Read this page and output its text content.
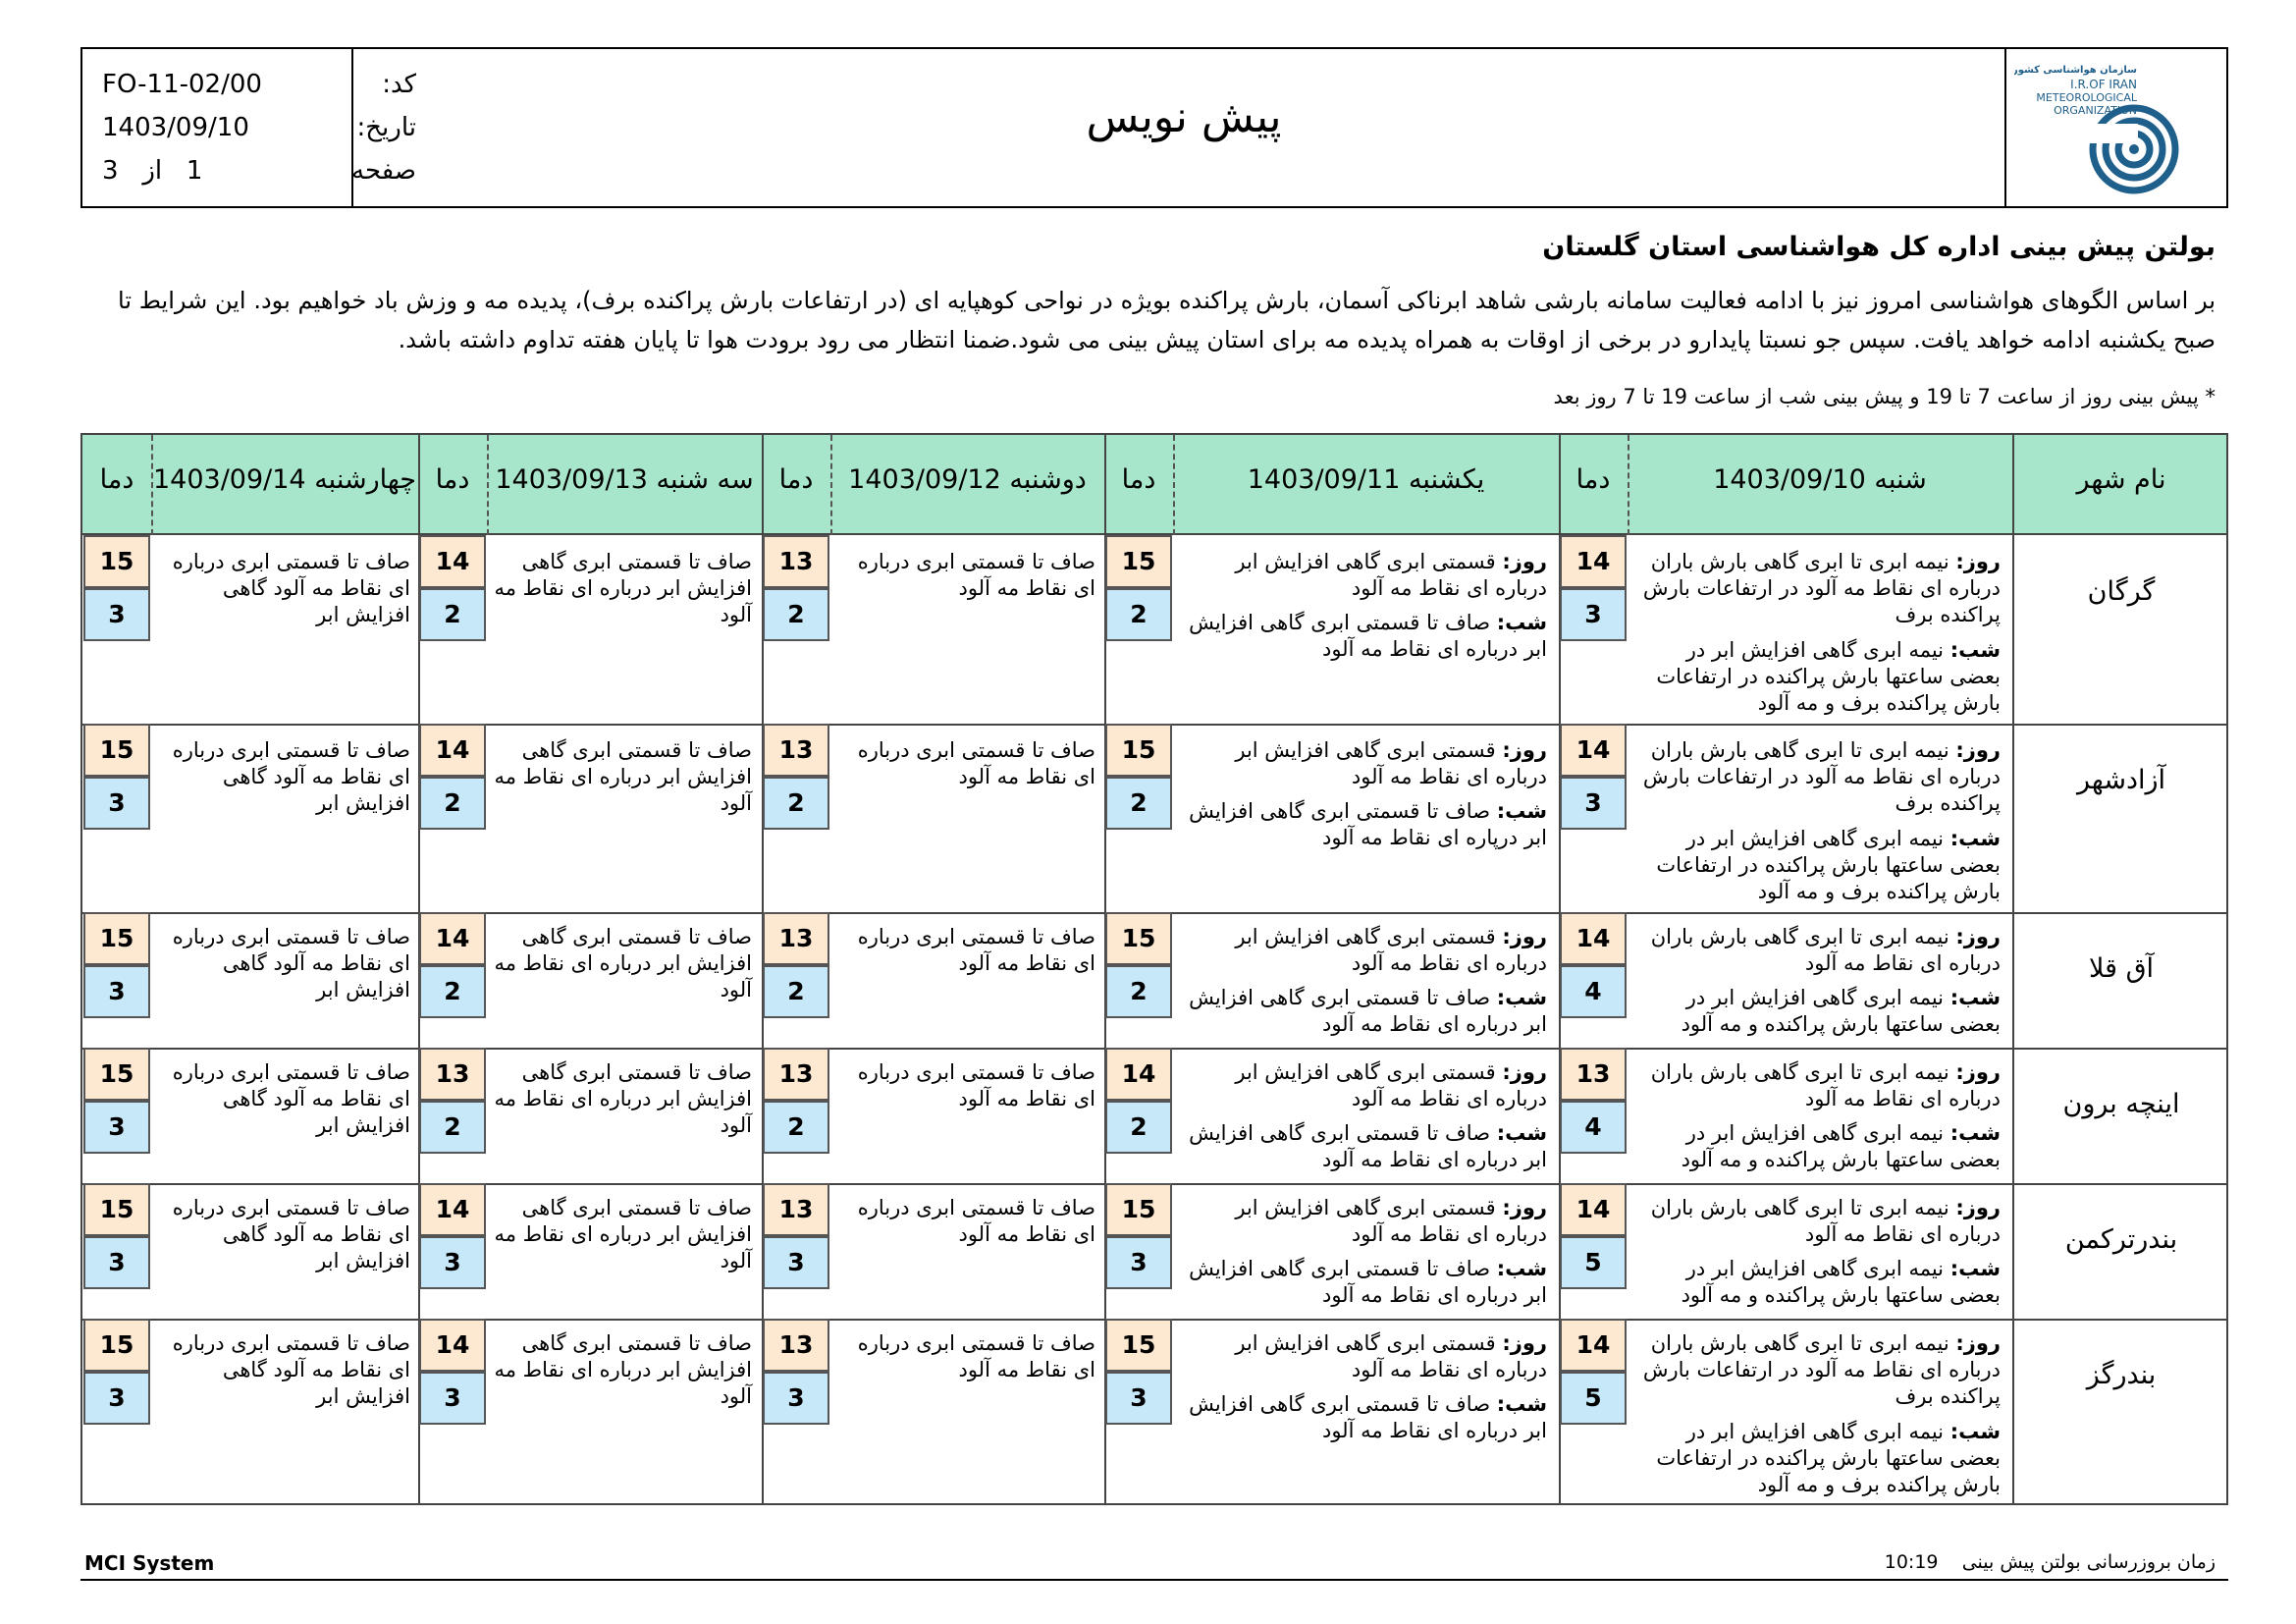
کد:
FO-11-02/00
تاریخ:
1403/09/10
صفحه
1   از   3
پیش نویس
سازمان هواشناسی کشور
I.R.OF IRAN
METEOROLOGICAL
ORGANIZATION
بولتن پیش بینی اداره کل هواشناسی استان گلستان
بر اساس الگوهای هواشناسی امروز نیز با ادامه فعالیت سامانه بارشی شاهد ابرناکی آسمان، بارش پراکنده بویژه در نواحی کوهپایه ای (در ارتفاعات بارش پراکنده برف)، پدیده مه و وزش باد خواهیم بود. این شرایط تا صبح یکشنبه ادامه خواهد یافت. سپس جو نسبتا پایدارو در برخی از اوقات به همراه پدیده مه برای استان پیش بینی می شود.ضمنا انتظار می رود برودت هوا تا پایان هفته تداوم داشته باشد.
* پیش بینی روز از ساعت 7 تا 19 و پیش بینی شب از ساعت 19 تا 7 روز بعد
نام شهر
شنبه 1403/09/10
دما
یکشنبه 1403/09/11
دما
دوشنبه 1403/09/12
دما
سه شنبه 1403/09/13
دما
چهارشنبه 1403/09/14
دما
گرگان
روز: نیمه ابری تا ابری گاهی بارش باران درباره ای نقاط مه آلود در ارتفاعات بارش پراکنده برف
شب: نیمه ابری گاهی افزایش ابر در بعضی ساعتها بارش پراکنده در ارتفاعات بارش پراکنده برف و مه آلود
14
3
روز: قسمتی ابری گاهی افزایش ابر درباره ای نقاط مه آلود
شب: صاف تا قسمتی ابری گاهی افزایش ابر درباره ای نقاط مه آلود
15
2
صاف تا قسمتی ابری درباره ای نقاط مه آلود
13
2
صاف تا قسمتی ابری گاهی افزایش ابر درباره ای نقاط مه آلود
14
2
صاف تا قسمتی ابری درباره ای نقاط مه آلود گاهی افزایش ابر
15
3
آزادشهر
روز: نیمه ابری تا ابری گاهی بارش باران درباره ای نقاط مه آلود در ارتفاعات بارش پراکنده برف
شب: نیمه ابری گاهی افزایش ابر در بعضی ساعتها بارش پراکنده در ارتفاعات بارش پراکنده برف و مه آلود
14
3
روز: قسمتی ابری گاهی افزایش ابر درباره ای نقاط مه آلود
شب: صاف تا قسمتی ابری گاهی افزایش ابر درپاره ای نقاط مه آلود
15
2
صاف تا قسمتی ابری درباره ای نقاط مه آلود
13
2
صاف تا قسمتی ابری گاهی افزایش ابر درباره ای نقاط مه آلود
14
2
صاف تا قسمتی ابری درباره ای نقاط مه آلود گاهی افزایش ابر
15
3
آق قلا
روز: نیمه ابری تا ابری گاهی بارش باران درباره ای نقاط مه آلود
شب: نیمه ابری گاهی افزایش ابر در بعضی ساعتها بارش پراکنده و مه آلود
14
4
روز: قسمتی ابری گاهی افزایش ابر درباره ای نقاط مه آلود
شب: صاف تا قسمتی ابری گاهی افزایش ابر درباره ای نقاط مه آلود
15
2
صاف تا قسمتی ابری درباره ای نقاط مه آلود
13
2
صاف تا قسمتی ابری گاهی افزایش ابر درباره ای نقاط مه آلود
14
2
صاف تا قسمتی ابری درباره ای نقاط مه آلود گاهی افزایش ابر
15
3
اینچه برون
روز: نیمه ابری تا ابری گاهی بارش باران درباره ای نقاط مه آلود
شب: نیمه ابری گاهی افزایش ابر در بعضی ساعتها بارش پراکنده و مه آلود
13
4
روز: قسمتی ابری گاهی افزایش ابر درباره ای نقاط مه آلود
شب: صاف تا قسمتی ابری گاهی افزایش ابر درباره ای نقاط مه آلود
14
2
صاف تا قسمتی ابری درباره ای نقاط مه آلود
13
2
صاف تا قسمتی ابری گاهی افزایش ابر درباره ای نقاط مه آلود
13
2
صاف تا قسمتی ابری درباره ای نقاط مه آلود گاهی افزایش ابر
15
3
بندرترکمن
روز: نیمه ابری تا ابری گاهی بارش باران درباره ای نقاط مه آلود
شب: نیمه ابری گاهی افزایش ابر در بعضی ساعتها بارش پراکنده و مه آلود
14
5
روز: قسمتی ابری گاهی افزایش ابر درباره ای نقاط مه آلود
شب: صاف تا قسمتی ابری گاهی افزایش ابر درباره ای نقاط مه آلود
15
3
صاف تا قسمتی ابری درباره ای نقاط مه آلود
13
3
صاف تا قسمتی ابری گاهی افزایش ابر درباره ای نقاط مه آلود
14
3
صاف تا قسمتی ابری درباره ای نقاط مه آلود گاهی افزایش ابر
15
3
بندرگز
روز: نیمه ابری تا ابری گاهی بارش باران درباره ای نقاط مه آلود در ارتفاعات بارش پراکنده برف
شب: نیمه ابری گاهی افزایش ابر در بعضی ساعتها بارش پراکنده در ارتفاعات بارش پراکنده برف و مه آلود
14
5
روز: قسمتی ابری گاهی افزایش ابر درباره ای نقاط مه آلود
شب: صاف تا قسمتی ابری گاهی افزایش ابر درباره ای نقاط مه آلود
15
3
صاف تا قسمتی ابری درباره ای نقاط مه آلود
13
3
صاف تا قسمتی ابری گاهی افزایش ابر درباره ای نقاط مه آلود
14
3
صاف تا قسمتی ابری درباره ای نقاط مه آلود گاهی افزایش ابر
15
3
MCI System	زمان بروزرسانی بولتن پیش بینی    10:19
